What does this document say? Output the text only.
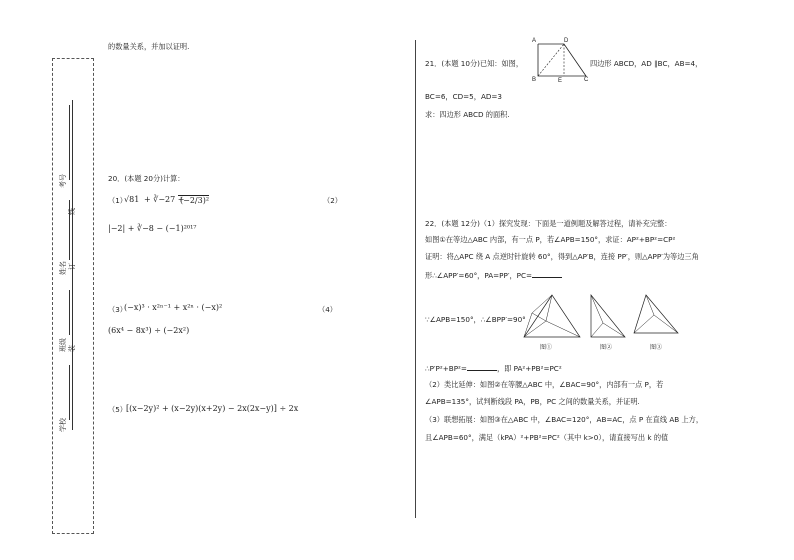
考号
姓名
班级
学校
线
订
装
的数量关系，并加以证明.
20．(本题 20分)计算：
（1）
√81 + ∛−27 +
(−2/3)²	（2）
|−2| + ∛−8 − (−1)²⁰¹⁷
（3）
(−x)³ · x²ⁿ⁻¹ + x²ⁿ · (−x)²	（4）
(6x⁴ − 8x³) ÷ (−2x²)
（5） [(x−2y)² + (x−2y)(x+2y) − 2x(2x−y)] ÷ 2x
21．(本题 10分)已知：如图，	四边形 ABCD，AD ∥BC，AB=4，
A	D
B	E	C
BC=6，CD=5，AD=3
求：四边形 ABCD 的面积.
22．(本题 12分)（1）探究发现：下面是一道例题及解答过程，请补充完整：
如图①在等边△ABC 内部，有一点 P，若∠APB=150°，求证：AP²+BP²=CP²
证明：将△APC 绕 A 点逆时针旋转 60°，得到△AP′B，连接 PP′，则△APP′为等边三角
形∴∠APP′=60°，PA=PP′，PC=
∵∠APB=150°，∴∠BPP′=90°
图①	图②	图③
∴P′P²+BP²=	，即 PA²+PB²=PC²
（2）类比延伸：如图②在等腰△ABC 中，∠BAC=90°，内部有一点 P，若
∠APB=135°，试判断线段 PA，PB，PC 之间的数量关系，并证明.
（3）联想拓展：如图③在△ABC 中，∠BAC=120°，AB=AC，点 P 在直线 AB 上方，
且∠APB=60°，满足（kPA）²+PB²=PC²（其中 k>0），请直接写出 k 的值
